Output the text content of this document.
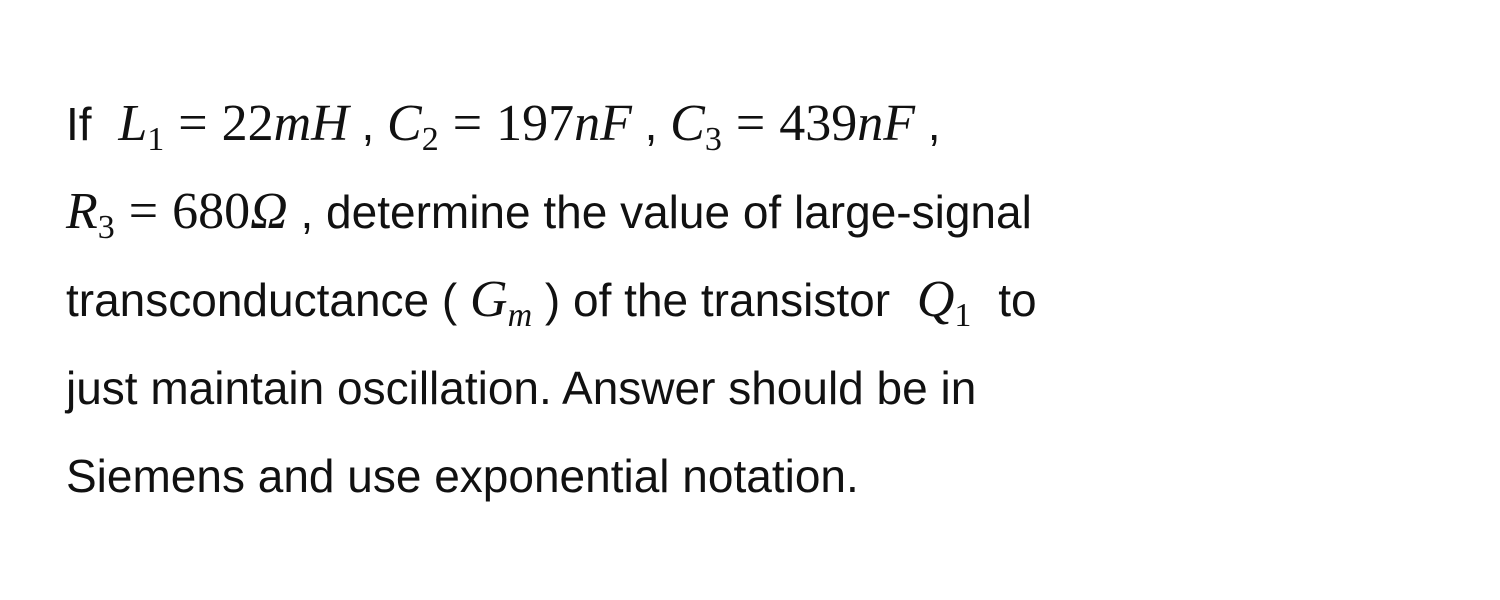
If $L_1 = 22mH$ , $C_2 = 197nF$ , $C_3 = 439nF$ ,
$R_3 = 680\Omega$ , determine the value of large-signal
transconductance ( $G_m$ ) of the transistor $Q_1$ to
just maintain oscillation. Answer should be in
Siemens and use exponential notation.
